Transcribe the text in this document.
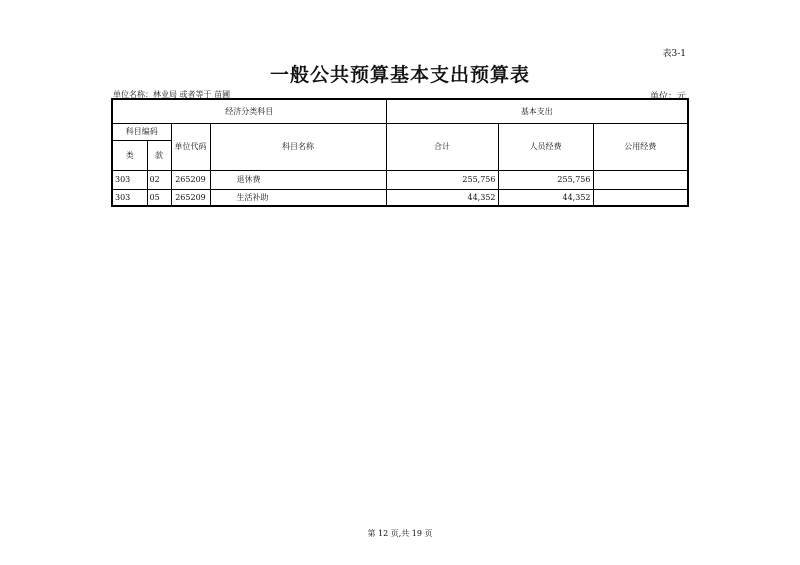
表3-1
一般公共预算基本支出预算表
单位名称：林业局 或者等于 苗圃	单位：元
经济分类科目				基本支出		
科目编码		单位代码	科目名称	合计	人员经费	公用经费
类	款					
303	02	265209	退休费	255,756	255,756	
303	05	265209	生活补助	44,352	44,352	
第 12 页,共 19 页
